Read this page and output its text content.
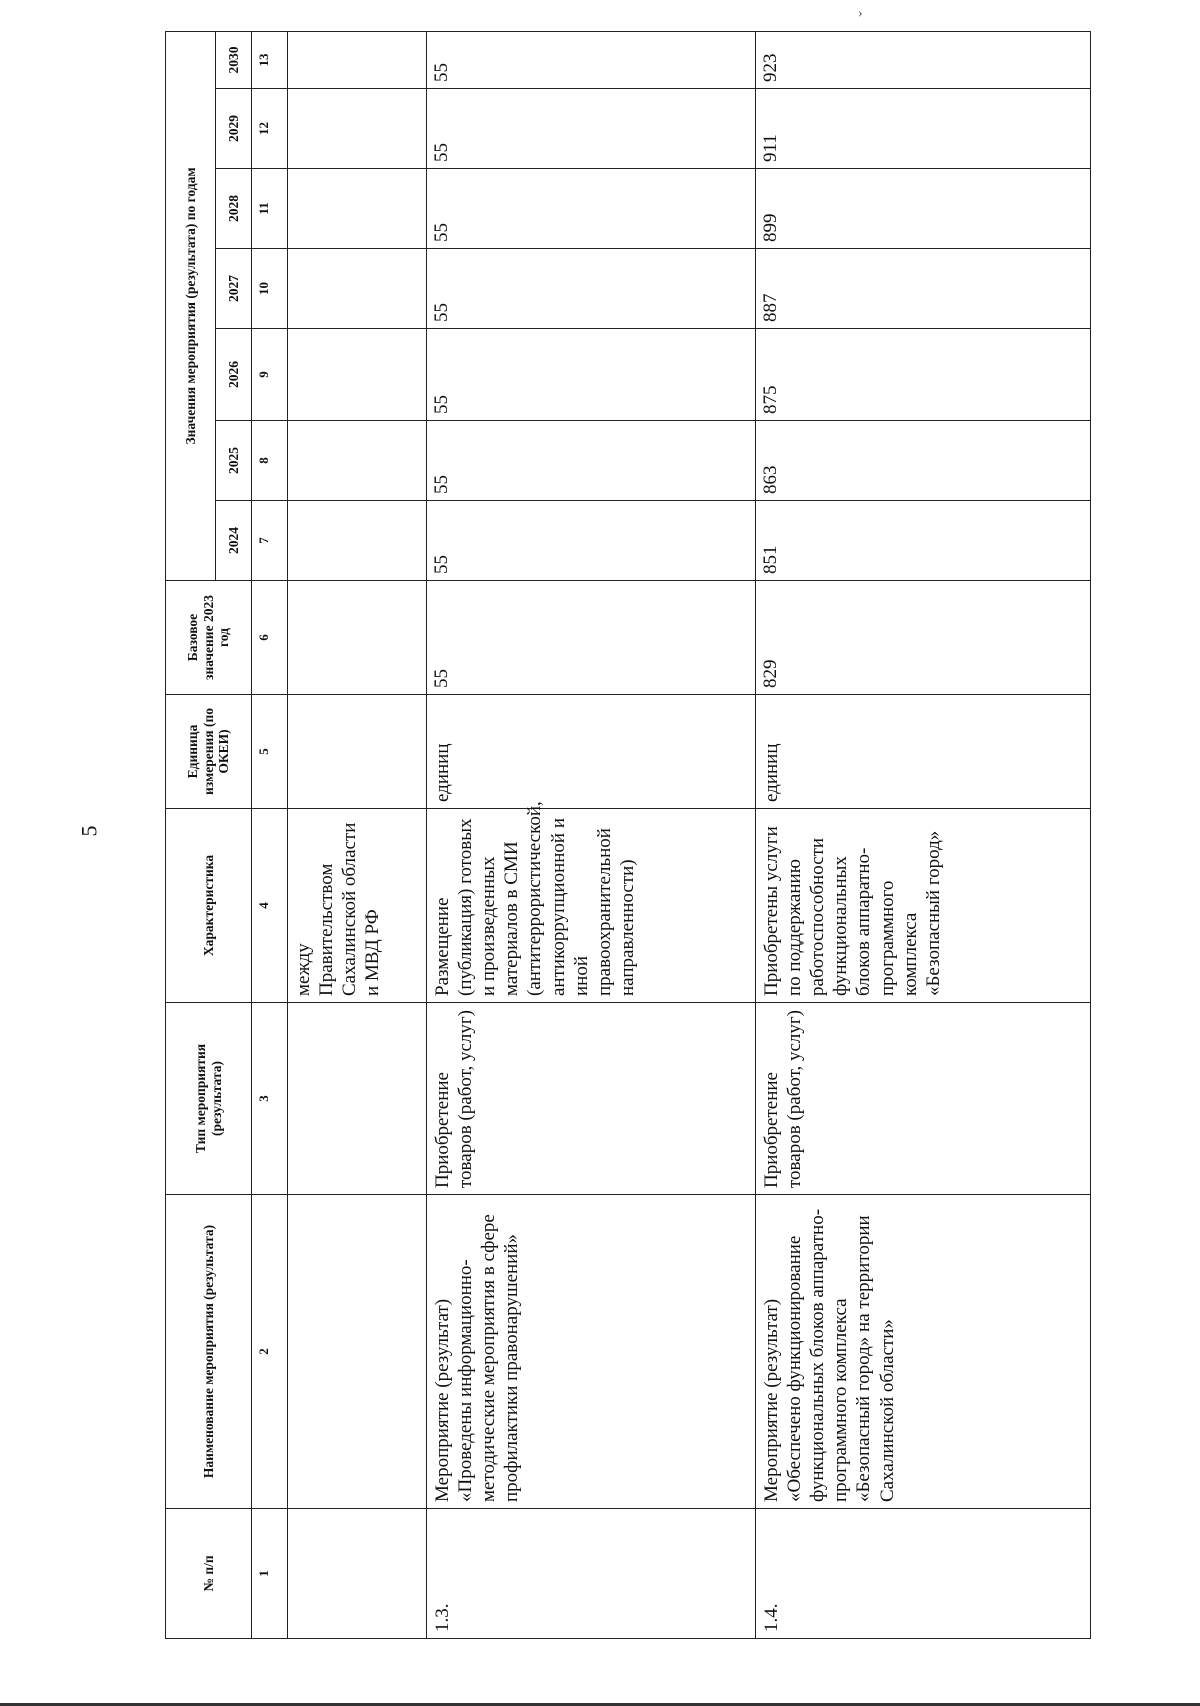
5
›
№ п/п	Наименование мероприятия (результата)	Тип мероприятия (результата)	Характеристика	Единица измерения (по ОКЕИ)	Базовое значение 2023 год	Значения мероприятия (результата) по годам						
						2024	2025	2026	2027	2028	2029	2030
1	2	3	4	5	6	7	8	9	10	11	12	13
			между Правительством Сахалинской области и МВД РФ									
1.3.	Мероприятие (результат) «Проведены информационно-методические мероприятия в сфере профилактики правонарушений»	Приобретение товаров (работ, услуг)	Размещение (публикация) готовых и произведенных материалов в СМИ (антитеррористической, антикоррупционной и иной правоохранительной направленности)	единиц	55	55	55	55	55	55	55	55
1.4.	Мероприятие (результат) «Обеспечено функционирование функциональных блоков аппаратно-программного комплекса «Безопасный город» на территории Сахалинской области»	Приобретение товаров (работ, услуг)	Приобретены услуги по поддержанию работоспособности функциональных блоков аппаратно-программного комплекса «Безопасный город»	единиц	829	851	863	875	887	899	911	923
